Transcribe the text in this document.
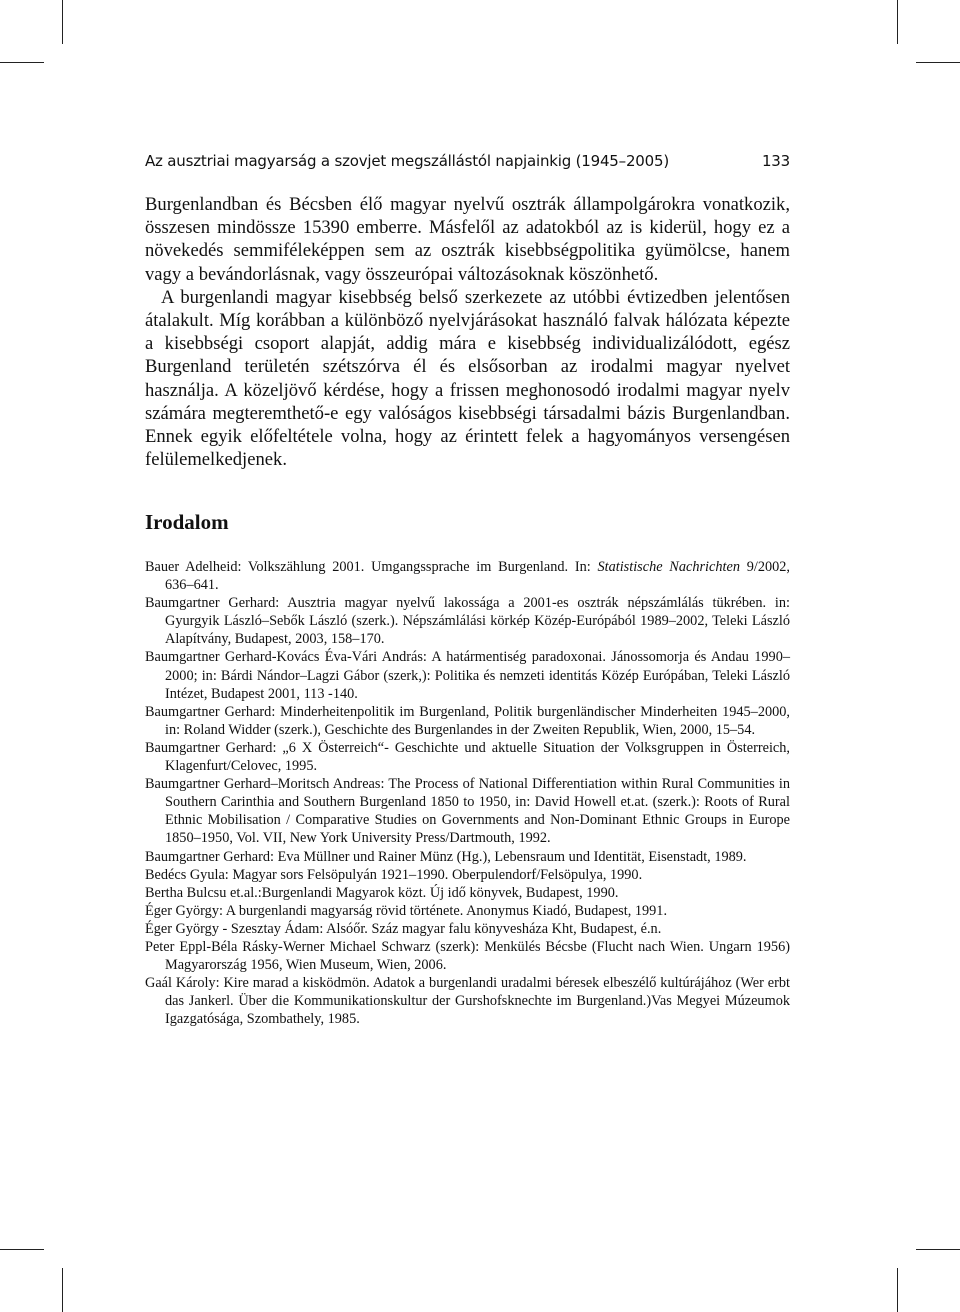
Az ausztriai magyarság a szovjet megszállástól napjainkig (1945–2005)	133

Burgenlandban és Bécsben élő magyar nyelvű osztrák állampolgárokra vonatkozik, összesen mindössze 15390 emberre. Másfelől az adatokból az is kiderül, hogy ez a növekedés semmiféleképpen sem az osztrák kisebbségpolitika gyümölcse, hanem vagy a bevándorlásnak, vagy összeurópai változásoknak köszönhető.

A burgenlandi magyar kisebbség belső szerkezete az utóbbi évtizedben jelentősen átalakult. Míg korábban a különböző nyelvjárásokat használó falvak hálózata képezte a kisebbségi csoport alapját, addig mára e kisebbség individualizálódott, egész Burgenland területén szétszórva él és elsősorban az irodalmi magyar nyelvet használja. A közeljövő kérdése, hogy a frissen meghonosodó irodalmi magyar nyelv számára megteremthető-e egy valóságos kisebbségi társadalmi bázis Burgenlandban. Ennek egyik előfeltétele volna, hogy az érintett felek a hagyományos versengésen felülemelkedjenek.

Irodalom

Bauer Adelheid: Volkszählung 2001. Umgangssprache im Burgenland. In: Statistische Nachrichten 9/2002, 636–641.

Baumgartner Gerhard: Ausztria magyar nyelvű lakossága a 2001-es osztrák népszámlálás tükrében. in: Gyurgyik László–Sebők László (szerk.). Népszámlálási körkép Közép-Európából 1989–2002, Teleki László Alapítvány, Budapest, 2003, 158–170.

Baumgartner Gerhard-Kovács Éva-Vári András: A határmentiség paradoxonai. Jánossomorja és Andau 1990–2000; in: Bárdi Nándor–Lagzi Gábor (szerk,): Politika és nemzeti identitás Közép Európában, Teleki László Intézet, Budapest 2001, 113 -140.

Baumgartner Gerhard: Minderheitenpolitik im Burgenland, Politik burgenländischer Minderheiten 1945–2000, in: Roland Widder (szerk.), Geschichte des Burgenlandes in der Zweiten Republik, Wien, 2000, 15–54.

Baumgartner Gerhard: „6 X Österreich“- Geschichte und aktuelle Situation der Volksgruppen in Österreich, Klagenfurt/Celovec, 1995.

Baumgartner Gerhard–Moritsch Andreas: The Process of National Differentiation within Rural Communities in Southern Carinthia and Southern Burgenland 1850 to 1950, in: David Howell et.at. (szerk.): Roots of Rural Ethnic Mobilisation / Comparative Studies on Governments and Non-Dominant Ethnic Groups in Europe 1850–1950, Vol. VII, New York University Press/Dartmouth, 1992.

Baumgartner Gerhard: Eva Müllner und Rainer Münz (Hg.), Lebensraum und Identität, Eisenstadt, 1989.

Bedécs Gyula: Magyar sors Felsöpulyán 1921–1990. Oberpulendorf/Felsöpulya, 1990.

Bertha Bulcsu et.al.:Burgenlandi Magyarok közt. Új idő könyvek, Budapest, 1990.

Éger György: A burgenlandi magyarság rövid története. Anonymus Kiadó, Budapest, 1991.

Éger György - Szesztay Ádam: Alsóőr. Száz magyar falu könyvesháza Kht, Budapest, é.n.

Peter Eppl-Béla Rásky-Werner Michael Schwarz (szerk): Menkülés Bécsbe (Flucht nach Wien. Ungarn 1956) Magyarország 1956, Wien Museum, Wien, 2006.

Gaál Károly: Kire marad a kisködmön. Adatok a burgenlandi uradalmi béresek elbeszélő kultúrájához (Wer erbt das Jankerl. Über die Kommunikationskultur der Gurshofsknechte im Burgenland.)Vas Megyei Múzeumok Igazgatósága, Szombathely, 1985.
